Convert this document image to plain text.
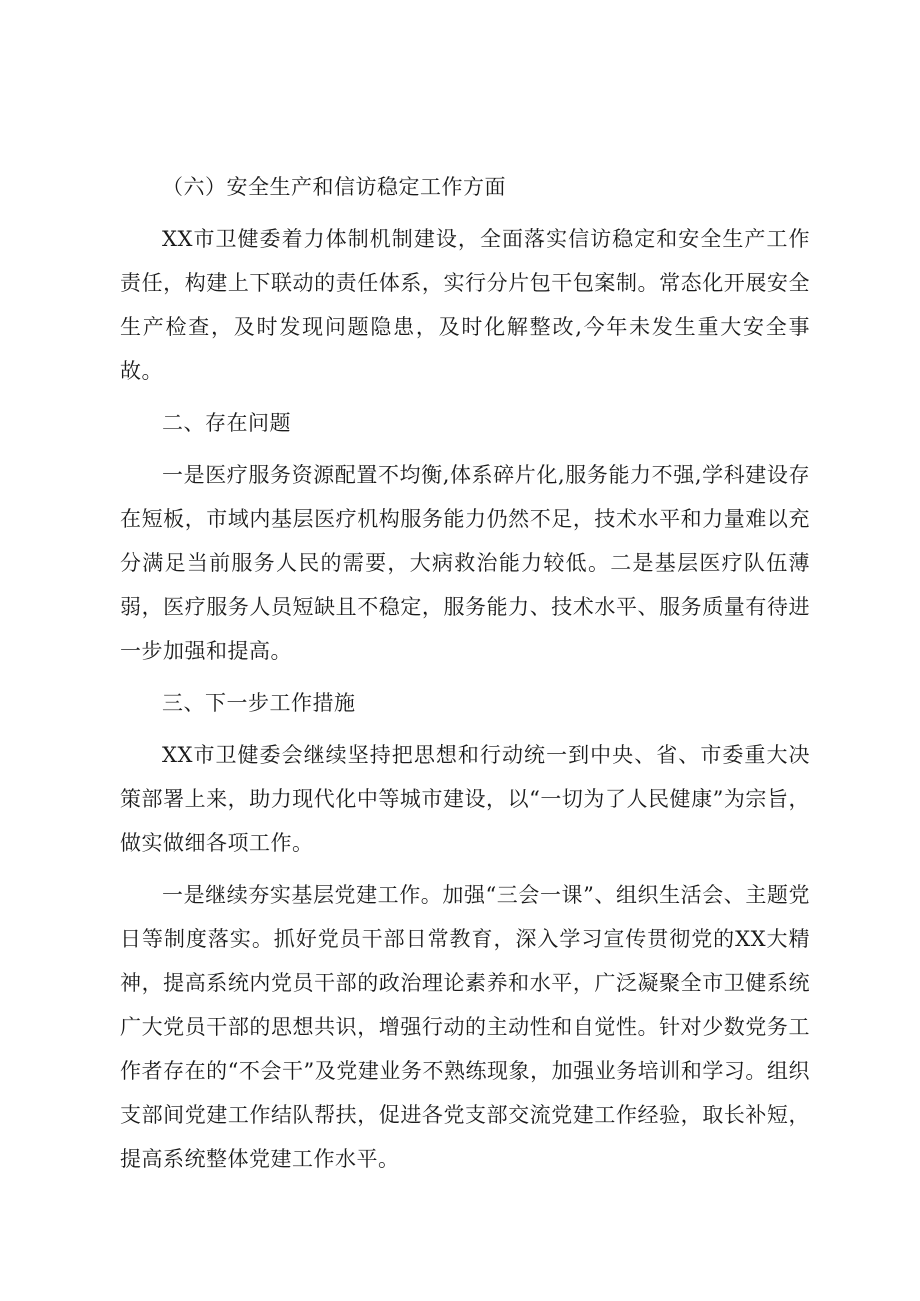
（六）安全生产和信访稳定工作方面

XX市卫健委着力体制机制建设，全面落实信访稳定和安全生产工作责任，构建上下联动的责任体系，实行分片包干包案制。常态化开展安全生产检查，及时发现问题隐患，及时化解整改,今年未发生重大安全事故。

二、存在问题

一是医疗服务资源配置不均衡,体系碎片化,服务能力不强,学科建设存在短板，市域内基层医疗机构服务能力仍然不足，技术水平和力量难以充分满足当前服务人民的需要，大病救治能力较低。二是基层医疗队伍薄弱，医疗服务人员短缺且不稳定，服务能力、技术水平、服务质量有待进一步加强和提高。

三、下一步工作措施

XX市卫健委会继续坚持把思想和行动统一到中央、省、市委重大决策部署上来，助力现代化中等城市建设，以“一切为了人民健康”为宗旨，做实做细各项工作。

一是继续夯实基层党建工作。加强“三会一课”、组织生活会、主题党日等制度落实。抓好党员干部日常教育，深入学习宣传贯彻党的XX大精神，提高系统内党员干部的政治理论素养和水平，广泛凝聚全市卫健系统广大党员干部的思想共识，增强行动的主动性和自觉性。针对少数党务工作者存在的“不会干”及党建业务不熟练现象，加强业务培训和学习。组织支部间党建工作结队帮扶，促进各党支部交流党建工作经验，取长补短，提高系统整体党建工作水平。
